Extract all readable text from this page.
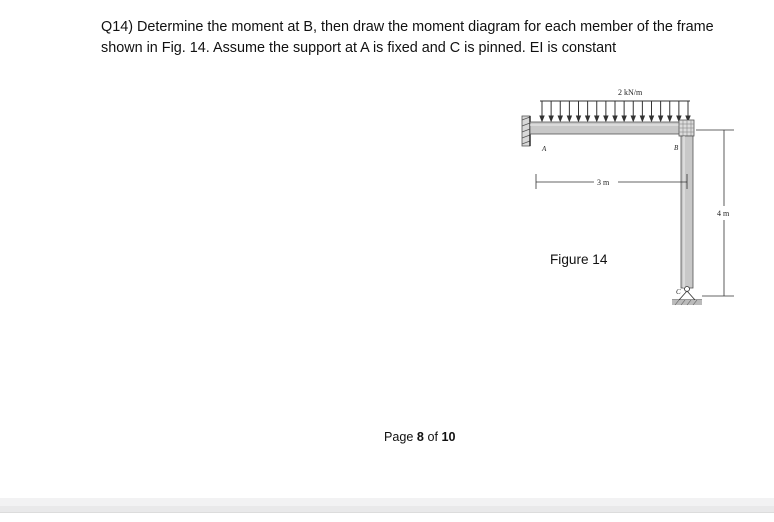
Q14) Determine the moment at B, then draw the moment diagram for each member of the frame shown in Fig. 14. Assume the support at A is fixed and C is pinned. EI is constant
2 kN/m
A	B
C
3 m
4 m
Figure 14
Page 8 of 10
